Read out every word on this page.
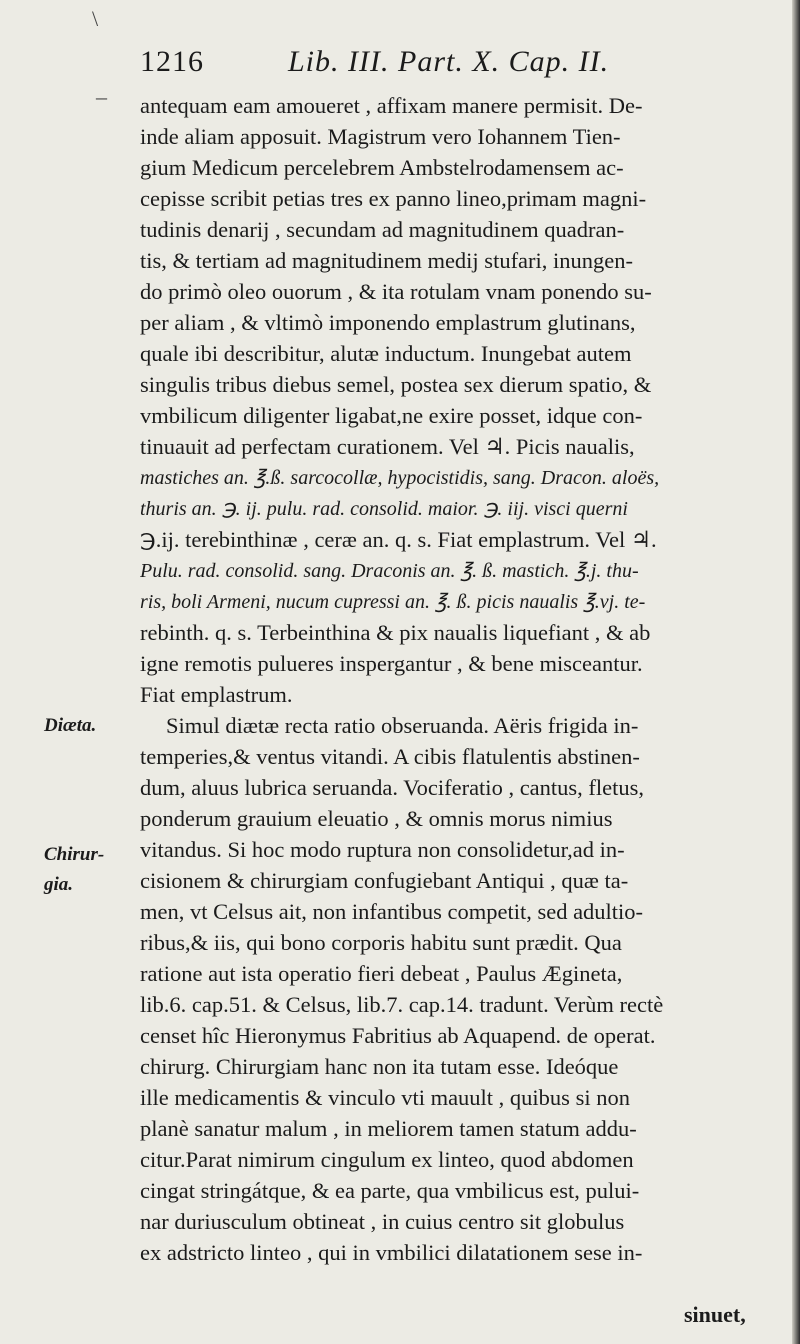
\
–
1216	Lib. III. Part. X. Cap. II.
antequam eam amoueret , affixam manere permisit. De-
inde aliam apposuit. Magistrum vero Iohannem Tien-
gium Medicum percelebrem Ambstelrodamensem ac-
cepisse scribit petias tres ex panno lineo,primam magni-
tudinis denarij , secundam ad magnitudinem quadran-
tis, & tertiam ad magnitudinem medij stufari, inungen-
do primò oleo ouorum , & ita rotulam vnam ponendo su-
per aliam , & vltimò imponendo emplastrum glutinans,
quale ibi describitur, alutæ inductum. Inungebat autem
singulis tribus diebus semel, postea sex dierum spatio, &
vmbilicum diligenter ligabat,ne exire posset, idque con-
tinuauit ad perfectam curationem. Vel ♃. Picis naualis,
mastiches an. ℥.ß. sarcocollæ, hypocistidis, sang. Dracon. aloës,
thuris an. ℈. ij. pulu. rad. consolid. maior. ℈. iij. visci querni
℈.ij. terebinthinæ , ceræ an. q. s. Fiat emplastrum. Vel ♃.
Pulu. rad. consolid. sang. Draconis an. ℥. ß. mastich. ℥.j. thu-
ris, boli Armeni, nucum cupressi an. ℥. ß. picis naualis ℥.vj. te-
rebinth. q. s. Terbeinthina & pix naualis liquefiant , & ab
igne remotis pulueres inspergantur , & bene misceantur.
Fiat emplastrum.
Simul diætæ recta ratio obseruanda. Aëris frigida in-
temperies,& ventus vitandi. A cibis flatulentis abstinen-
dum, aluus lubrica seruanda. Vociferatio , cantus, fletus,
ponderum grauium eleuatio , & omnis morus nimius
vitandus. Si hoc modo ruptura non consolidetur,ad in-
cisionem & chirurgiam confugiebant Antiqui , quæ ta-
men, vt Celsus ait, non infantibus competit, sed adultio-
ribus,& iis, qui bono corporis habitu sunt prædit. Qua
ratione aut ista operatio fieri debeat , Paulus Ægineta,
lib.6. cap.51. & Celsus, lib.7. cap.14. tradunt. Verùm rectè
censet hîc Hieronymus Fabritius ab Aquapend. de operat.
chirurg. Chirurgiam hanc non ita tutam esse. Ideóque
ille medicamentis & vinculo vti mauult , quibus si non
planè sanatur malum , in meliorem tamen statum addu-
citur.Parat nimirum cingulum ex linteo, quod abdomen
cingat stringátque, & ea parte, qua vmbilicus est, pului-
nar duriusculum obtineat , in cuius centro sit globulus
ex adstricto linteo , qui in vmbilici dilatationem sese in-
Diæta.
Chirur-
gia.
sinuet,
